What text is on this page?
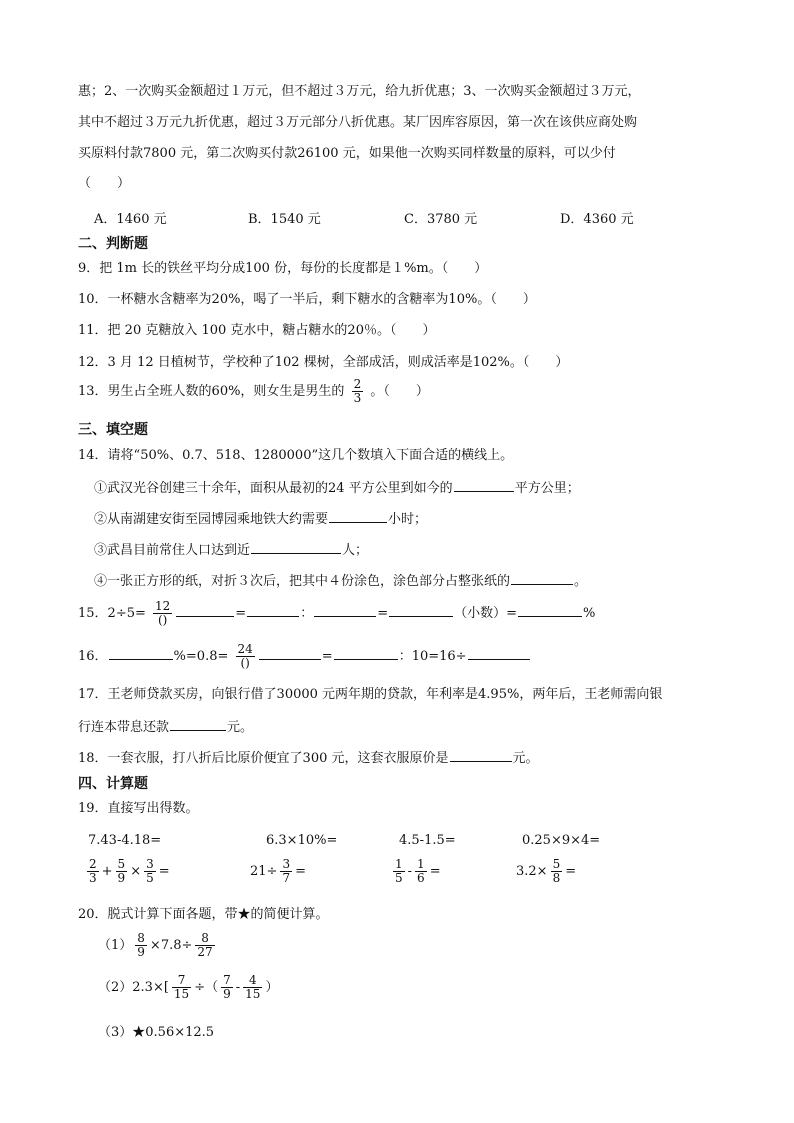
惠；2、一次购买金额超过１万元，但不超过３万元，给九折优惠；3、一次购买金额超过３万元，
其中不超过３万元九折优惠，超过３万元部分八折优惠。某厂因库容原因，第一次在该供应商处购
买原料付款7800 元，第二次购买付款26100 元，如果他一次购买同样数量的原料，可以少付
（　　）
A．1460 元	B．1540 元	C．3780 元	D．4360 元
二、判断题
9．把 1m 长的铁丝平均分成100 份，每份的长度都是１%m。（　　）
10．一杯糖水含糖率为20%，喝了一半后，剩下糖水的含糖率为10%。（　　）
11．把 20 克糖放入 100 克水中，糖占糖水的20％。（　　）
12．3 月 12 日植树节，学校种了102 棵树，全部成活，则成活率是102%。（　　）
13．男生占全班人数的60%，则女生是男生的 $\frac{2}{3}$ 。（　　）
三、填空题
14．请将“50%、0.7、518、1280000”这几个数填入下面合适的横线上。
①武汉光谷创建三十余年，面积从最初的24 平方公里到如今的	平方公里；
②从南湖建安街至园博园乘地铁大约需要	小时；
③武昌目前常住人口达到近	人；
④一张正方形的纸，对折３次后，把其中４份涂色，涂色部分占整张纸的	。
15．$2\div 5= \frac{12}{()}$	=	：	=	（小数）=	%
16．	$\%=0.8= \frac{24}{()}$	=	：10=16÷
17．王老师贷款买房，向银行借了30000 元两年期的贷款，年利率是4.95%，两年后，王老师需向银
行连本带息还款	元。
18．一套衣服，打八折后比原价便宜了300 元，这套衣服原价是	元。
四、计算题
19．直接写出得数。
7.43-4.18=	6.3×10%=	4.5-1.5=	0.25×9×4=
$\frac{2}{3} + \frac{5}{9} \times \frac{3}{5}$ =	$21\div \frac{3}{7}$ =	$\frac{1}{5} - \frac{1}{6}$ =	$3.2\times \frac{5}{8}$ =
20．脱式计算下面各题，带★的简便计算。
$(1) \frac{8}{9} \times 7.8\div \frac{8}{27}$
$(2)2.3\times[ \frac{7}{15}$ ÷（ $\frac{7}{9} - \frac{4}{15}$ ）
（3）★0.56×12.5
